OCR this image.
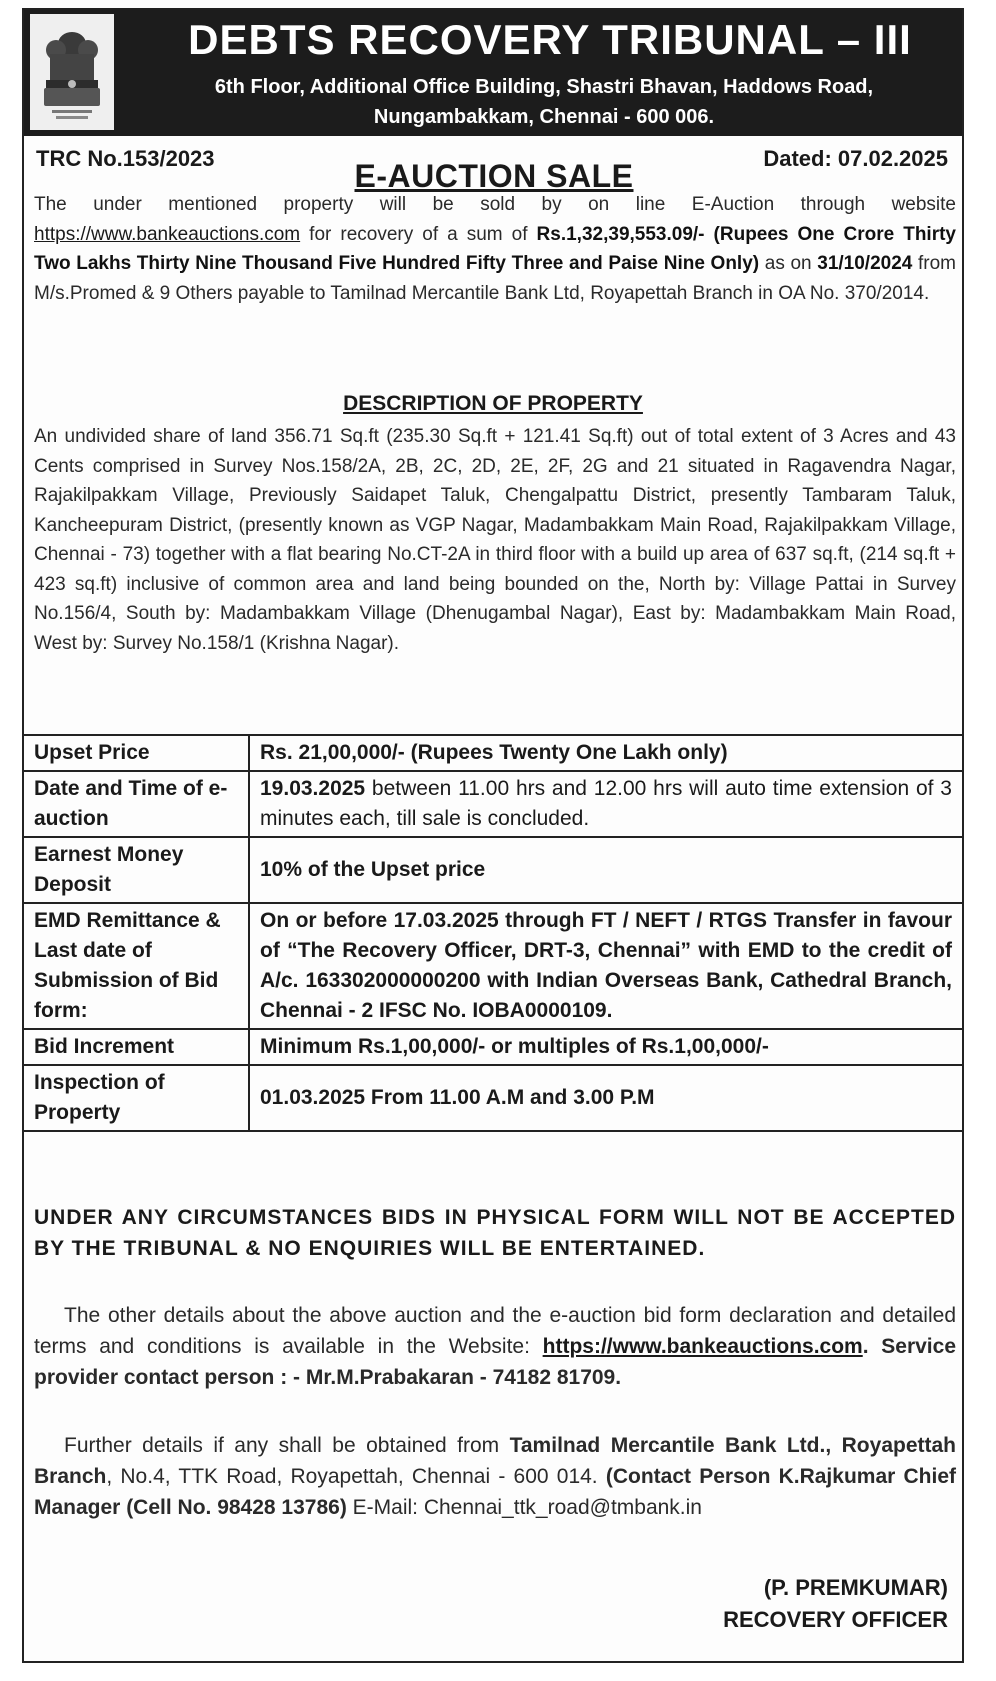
DEBTS RECOVERY TRIBUNAL – III
6th Floor, Additional Office Building, Shastri Bhavan, Haddows Road,
Nungambakkam, Chennai - 600 006.
TRC No.153/2023	Dated: 07.02.2025
E-AUCTION SALE
The under mentioned property will be sold by on line E-Auction through website https://www.bankeauctions.com for recovery of a sum of Rs.1,32,39,553.09/- (Rupees One Crore Thirty Two Lakhs Thirty Nine Thousand Five Hundred Fifty Three and Paise Nine Only) as on 31/10/2024 from M/s.Promed & 9 Others payable to Tamilnad Mercantile Bank Ltd, Royapettah Branch in OA No. 370/2014.
DESCRIPTION OF PROPERTY
An undivided share of land 356.71 Sq.ft (235.30 Sq.ft + 121.41 Sq.ft) out of total extent of 3 Acres and 43 Cents comprised in Survey Nos.158/2A, 2B, 2C, 2D, 2E, 2F, 2G and 21 situated in Ragavendra Nagar, Rajakilpakkam Village, Previously Saidapet Taluk, Chengalpattu District, presently Tambaram Taluk, Kancheepuram District, (presently known as VGP Nagar, Madambakkam Main Road, Rajakilpakkam Village, Chennai - 73) together with a flat bearing No.CT-2A in third floor with a build up area of 637 sq.ft, (214 sq.ft + 423 sq.ft) inclusive of common area and land being bounded on the, North by: Village Pattai in Survey No.156/4, South by: Madambakkam Village (Dhenugambal Nagar), East by: Madambakkam Main Road, West by: Survey No.158/1 (Krishna Nagar).
Upset Price	Rs. 21,00,000/- (Rupees Twenty One Lakh only)
Date and Time of e-auction	19.03.2025 between 11.00 hrs and 12.00 hrs will auto time extension of 3 minutes each, till sale is concluded.
Earnest Money Deposit	10% of the Upset price
EMD Remittance & Last date of Submission of Bid form:	On or before 17.03.2025 through FT / NEFT / RTGS Transfer in favour of “The Recovery Officer, DRT-3, Chennai” with EMD to the credit of A/c. 163302000000200 with Indian Overseas Bank, Cathedral Branch, Chennai - 2 IFSC No. IOBA0000109.
Bid Increment	Minimum Rs.1,00,000/- or multiples of Rs.1,00,000/-
Inspection of Property	01.03.2025 From 11.00 A.M and 3.00 P.M
UNDER ANY CIRCUMSTANCES BIDS IN PHYSICAL FORM WILL NOT BE ACCEPTED BY THE TRIBUNAL & NO ENQUIRIES WILL BE ENTERTAINED.
The other details about the above auction and the e-auction bid form declaration and detailed terms and conditions is available in the Website: https://www.bankeauctions.com. Service provider contact person : - Mr.M.Prabakaran - 74182 81709.
Further details if any shall be obtained from Tamilnad Mercantile Bank Ltd., Royapettah Branch, No.4, TTK Road, Royapettah, Chennai - 600 014. (Contact Person K.Rajkumar Chief Manager (Cell No. 98428 13786) E-Mail: Chennai_ttk_road@tmbank.in
(P. PREMKUMAR)
RECOVERY OFFICER
